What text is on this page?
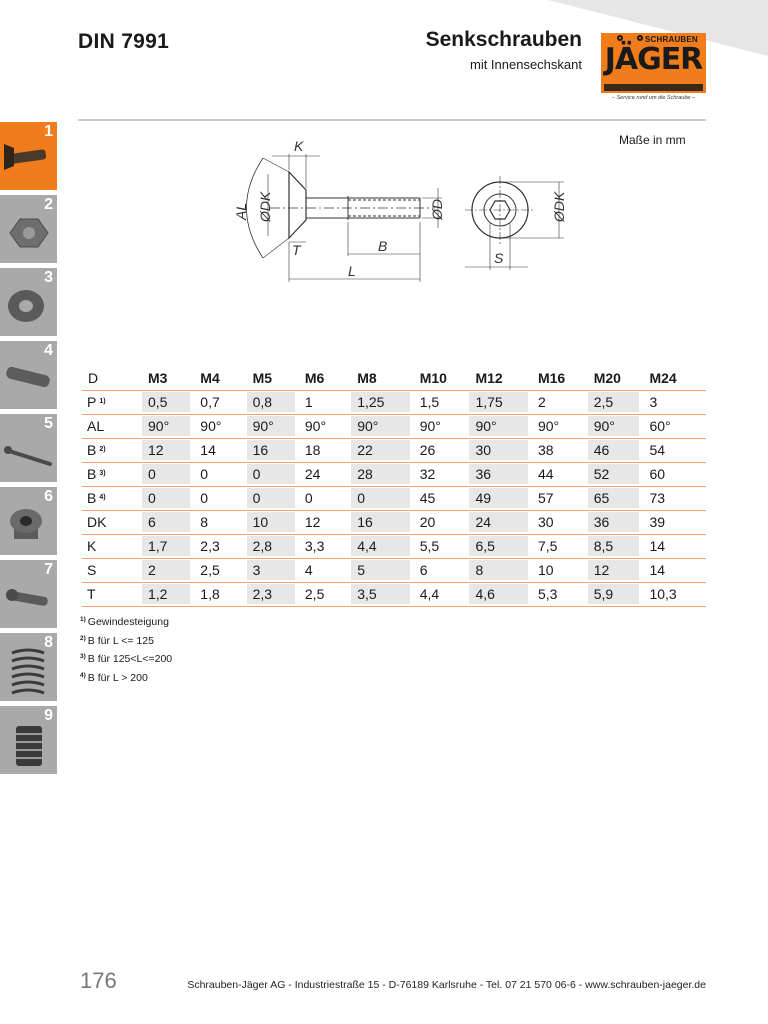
DIN 7991	Senkschrauben
mit Innensechskant
SCHRAUBEN
JÄGER
– Service rund um die Schraube –
Maße in mm
1
2
3
4
5
6
7
8
9
K
AL ØDK
T	B
ØD
L
ØDK
S
D	M3	M4	M5	M6	M8	M10	M12	M16	M20	M24
P $^{1)}$	0,5	0,7	0,8	1	1,25	1,5	1,75	2	2,5	3

AL	90°	90°	90°	90°	90°	90°	90°	90°	90°	60°

B $^{2)}$	12	14	16	18	22	26	30	38	46	54

B $^{3)}$	0	0	0	24	28	32	36	44	52	60

B $^{4)}$	0	0	0	0	0	45	49	57	65	73

DK	6	8	10	12	16	20	24	30	36	39

K	1,7	2,3	2,8	3,3	4,4	5,5	6,5	7,5	8,5	14

S	2	2,5	3	4	5	6	8	10	12	14

T	1,2	1,8	2,3	2,5	3,5	4,4	4,6	5,3	5,9	10,3
$^{1)}$ Gewindesteigung
$^{2)}$ B für L <= 125
$^{3)}$ B für 125<L<=200
$^{4)}$ B für L > 200
176	Schrauben-Jäger AG - Industriestraße 15 - D-76189 Karlsruhe - Tel. 07 21 570 06-6 - www.schrauben-jaeger.de
